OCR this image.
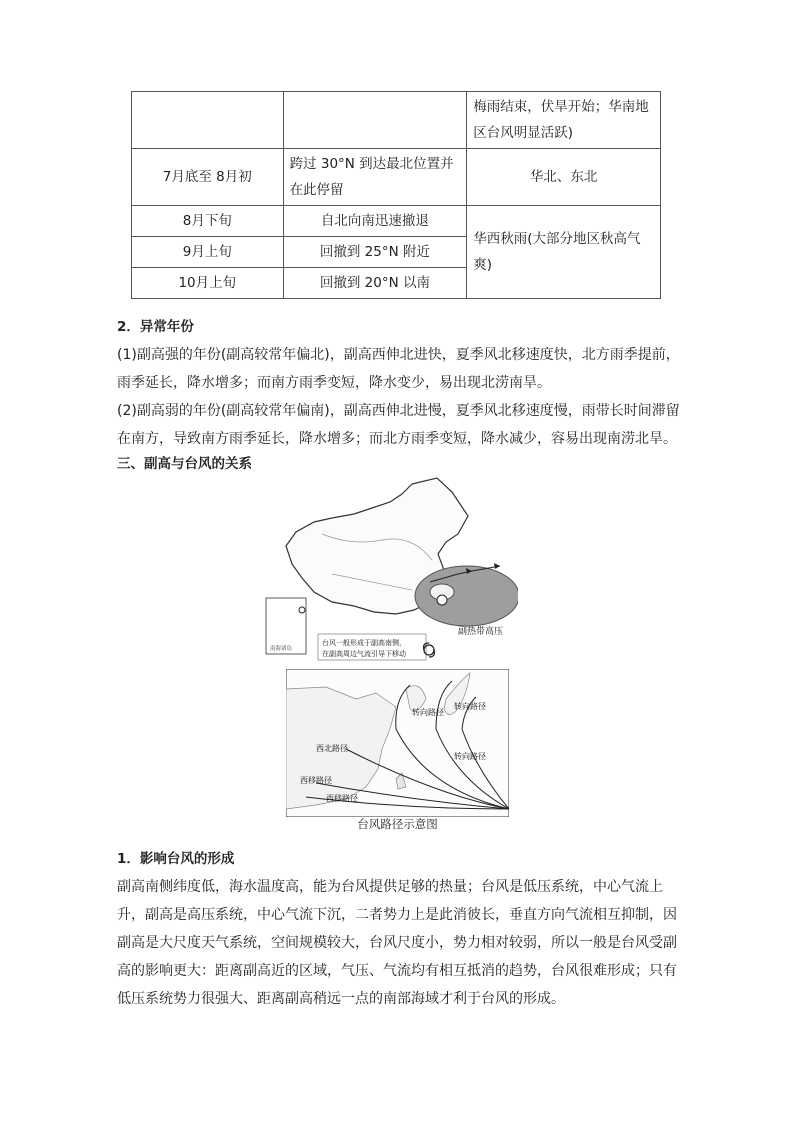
		梅雨结束，伏旱开始；华南地区台风明显活跃)
7月底至 8月初	跨过 30°N 到达最北位置并在此停留	华北、东北
8月下旬	自北向南迅速撤退	华西秋雨(大部分地区秋高气爽)
9月上旬	回撤到 25°N 附近	
10月上旬	回撤到 20°N 以南	
2．异常年份
(1)副高强的年份(副高较常年偏北)，副高西伸北进快，夏季风北移速度快，北方雨季提前，雨季延长，降水增多；而南方雨季变短，降水变少，易出现北涝南旱。
(2)副高弱的年份(副高较常年偏南)，副高西伸北进慢，夏季风北移速度慢，雨带长时间滞留在南方，导致南方雨季延长，降水增多；而北方雨季变短，降水减少，容易出现南涝北旱。
三、副高与台风的关系
副热带高压
南海诸岛
台风一般形成于副高南侧，
在副高周边气流引导下移动
转向路径
转向路径
转向路径
西北路径
西移路径
西移路径
台风路径示意图
1．影响台风的形成
副高南侧纬度低，海水温度高，能为台风提供足够的热量；台风是低压系统，中心气流上升，副高是高压系统，中心气流下沉，二者势力上是此消彼长，垂直方向气流相互抑制，因副高是大尺度天气系统，空间规模较大，台风尺度小，势力相对较弱，所以一般是台风受副高的影响更大：距离副高近的区域，气压、气流均有相互抵消的趋势，台风很难形成；只有低压系统势力很强大、距离副高稍远一点的南部海域才利于台风的形成。
